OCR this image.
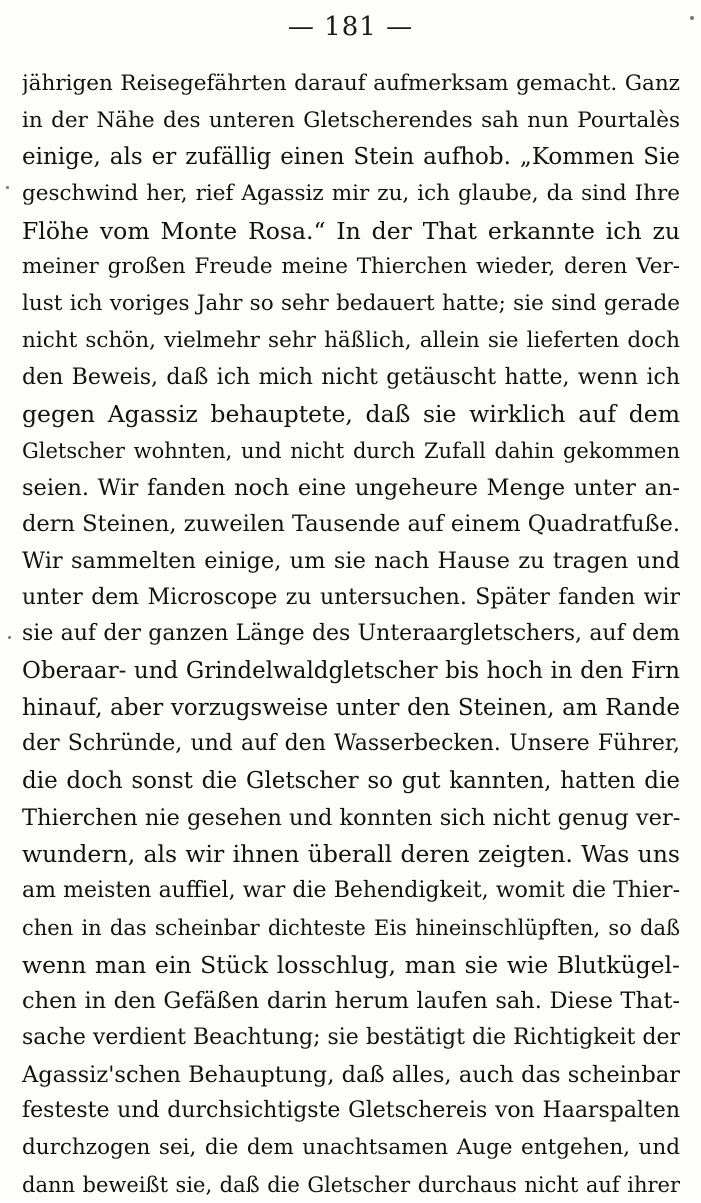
— 181 —
jährigen Reisegefährten darauf aufmerksam gemacht. Ganz
in der Nähe des unteren Gletscherendes sah nun Pourtalès
einige, als er zufällig einen Stein aufhob. „Kommen Sie
geschwind her, rief Agassiz mir zu, ich glaube, da sind Ihre
Flöhe vom Monte Rosa.“ In der That erkannte ich zu
meiner großen Freude meine Thierchen wieder, deren Ver-
lust ich voriges Jahr so sehr bedauert hatte; sie sind gerade
nicht schön, vielmehr sehr häßlich, allein sie lieferten doch
den Beweis, daß ich mich nicht getäuscht hatte, wenn ich
gegen Agassiz behauptete, daß sie wirklich auf dem
Gletscher wohnten, und nicht durch Zufall dahin gekommen
seien. Wir fanden noch eine ungeheure Menge unter an-
dern Steinen, zuweilen Tausende auf einem Quadratfuße.
Wir sammelten einige, um sie nach Hause zu tragen und
unter dem Microscope zu untersuchen. Später fanden wir
sie auf der ganzen Länge des Unteraargletschers, auf dem
Oberaar- und Grindelwaldgletscher bis hoch in den Firn
hinauf, aber vorzugsweise unter den Steinen, am Rande
der Schründe, und auf den Wasserbecken. Unsere Führer,
die doch sonst die Gletscher so gut kannten, hatten die
Thierchen nie gesehen und konnten sich nicht genug ver-
wundern, als wir ihnen überall deren zeigten. Was uns
am meisten auffiel, war die Behendigkeit, womit die Thier-
chen in das scheinbar dichteste Eis hineinschlüpften, so daß
wenn man ein Stück losschlug, man sie wie Blutkügel-
chen in den Gefäßen darin herum laufen sah. Diese That-
sache verdient Beachtung; sie bestätigt die Richtigkeit der
Agassiz'schen Behauptung, daß alles, auch das scheinbar
festeste und durchsichtigste Gletschereis von Haarspalten
durchzogen sei, die dem unachtsamen Auge entgehen, und
dann beweißt sie, daß die Gletscher durchaus nicht auf ihrer
